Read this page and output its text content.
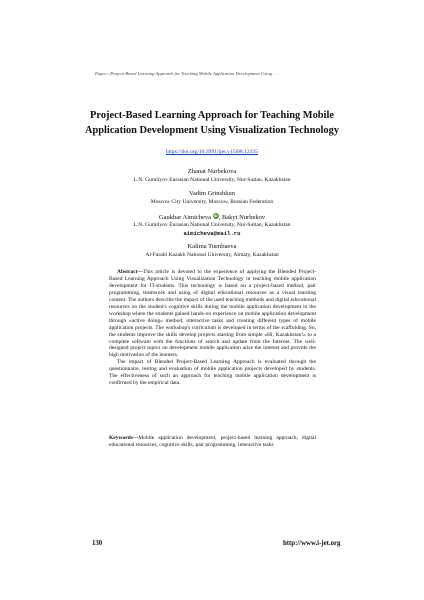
Paper—Project-Based Learning Approach for Teaching Mobile Application Development Using …
Project-Based Learning Approach for Teaching Mobile
Application Development Using Visualization Technology
https://doi.org/10.3991/ijet.v15i08.12335
Zhanat Nurbekova
L.N. Gumilyov Eurasian National University, Nur-Sultan, Kazakhstan
Vadim Grinshkun
Moscow City University, Moscow, Russian Federation
Gaukhar Aimicheva ID, Bakyt Nurbekov
L.N. Gumilyov Eurasian National University, Nur-Sultan, Kazakhstan
aimicheva@mail.ru
Kalima Tuenbaeva
Al-Farabi Kazakh National University, Almaty, Kazakhstan

Abstract—This article is devoted to the experience of applying the Blended Project-Based Learning Approach Using Visualization Technology in teaching mobile application development for IT-students. This technology is based on a project-based method, pair programming, teamwork and using of digital educational resources as a visual learning content. The authors describe the impact of the used teaching methods and digital educational resources on the student's cognitive skills during the mobile application development in the workshop where the students gained hands-on experience on mobile application development through «active doing» method, interactive tasks and creating different types of mobile application projects. The workshop's curriculum is developed in terms of the scaffolding. So, the students improve the skills develop projects starting from simple «Hi, Kazakhstan!» to a complete software with the functions of search and update from the Internet. The well-designed project topics on development mobile application arise the interest and provide the high motivation of the learners.

The impact of Blended Project-Based Learning Approach is evaluated through the questionnaire, testing and evaluation of mobile application projects developed by students. The effectiveness of such an approach for teaching mobile application development is confirmed by the empirical data.

Keywords—Mobile application development, project-based learning approach, digital educational resources, cognitive skills, pair programming, interactive tasks
130	http://www.i-jet.org
